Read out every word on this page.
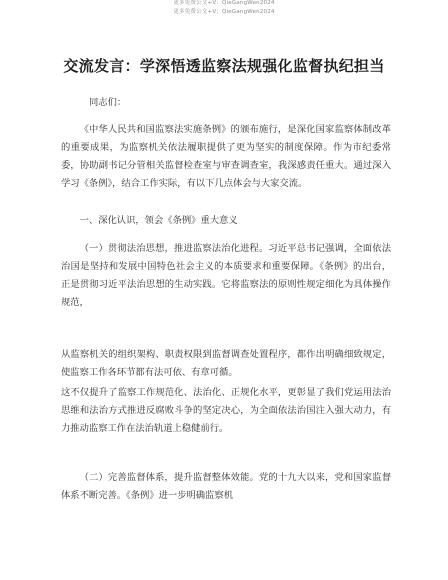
更多免费公文+V：QieGangWen2024
更多免费公文+V：QieGangWen2024
交流发言：学深悟透监察法规强化监督执纪担当

同志们：

《中华人民共和国监察法实施条例》的颁布施行，是深化国家监察体制改革的重要成果，为监察机关依法履职提供了更为坚实的制度保障。作为市纪委常委，协助副书记分管相关监督检查室与审查调查室，我深感责任重大。通过深入学习《条例》，结合工作实际，有以下几点体会与大家交流。

一、深化认识，领会《条例》重大意义

（一）贯彻法治思想，推进监察法治化进程。习近平总书记强调，全面依法治国是坚持和发展中国特色社会主义的本质要求和重要保障。《条例》的出台，正是贯彻习近平法治思想的生动实践。它将监察法的原则性规定细化为具体操作规范，

从监察机关的组织架构、职责权限到监督调查处置程序，都作出明确细致规定，使监察工作各环节都有法可依、有章可循。

这不仅提升了监察工作规范化、法治化、正规化水平，更彰显了我们党运用法治思维和法治方式推进反腐败斗争的坚定决心，为全面依法治国注入强大动力，有力推动监察工作在法治轨道上稳健前行。

（二）完善监督体系，提升监督整体效能。党的十九大以来，党和国家监督体系不断完善。《条例》进一步明确监察机
